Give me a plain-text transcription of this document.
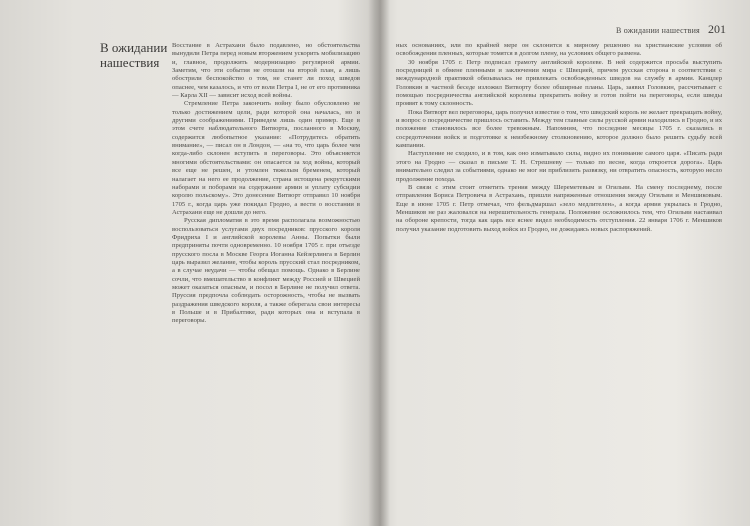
В ожидании нашествия

Восстание в Астрахани было подавлено, но обстоятельства вынудили Петра перед новым вторжением ускорить мобилизацию и, главное, продолжить модернизацию регулярной армии. Заметим, что эти события не отошли на второй план, а лишь обострили беспокойство о том, не станет ли поход шведов опаснее, чем казалось, и что от воли Петра I, не от его противника — Карла XII — зависит исход всей войны.

Стремление Петра закончить войну было обусловлено не только достижением цели, ради которой она началась, но и другими соображениями. Приведем лишь один пример. Еще в этом счете наблюдательного Витворта, посланного в Москву, содержится любопытное указание: «Потрудитесь обратить внимание», — писал он в Лондон, — «на то, что царь более чем когда-либо склонен вступить в переговоры. Это объясняется многими обстоятельствами: он опасается за ход войны, который все еще не решен, и утомлен тяжелым бременем, который налагает на него ее продолжение, страна истощена рекрутскими наборами и поборами на содержание армии и уплату субсидии королю польскому». Это донесение Витворт отправил 10 ноября 1705 г., когда царь уже покидал Гродно, а вести о восстании в Астрахани еще не дошли до него.

Русская дипломатия в это время располагала возможностью воспользоваться услугами двух посредников: прусского короля Фридриха I и английской королевы Анны. Попытки были предприняты почти одновременно. 10 ноября 1705 г. при отъезде прусского посла в Москве Георга Иоганна Кейзерлинга в Берлин царь выразил желание, чтобы король прусский стал посредником, а в случае неудачи — чтобы обещал помощь. Однако в Берлине сочли, что вмешательство в конфликт между Россией и Швецией может оказаться опасным, и посол в Берлине не получил ответа. Пруссия предпочла соблюдать осторожность, чтобы не вызвать раздражения шведского короля, а также оберегала свои интересы в Польше и в Прибалтике, ради которых она и вступала в переговоры.

В ожидании нашествия 201

ных основаниях, или по крайней мере он склонится к мирному решению на христианские условия об освобождении пленных, которые томятся в долгом плену, на условиях общего размена.

30 ноября 1705 г. Петр подписал грамоту английской королеве. В ней содержится просьба выступить посредницей в обмене пленными и заключении мира с Швецией, причем русская сторона в соответствии с международной практикой обязывалась не привлекать освобожденных шведов на службу в армии. Канцлер Головкин в частной беседе изложил Витворту более обширные планы. Царь, заявил Головкин, рассчитывает с помощью посредничества английской королевы прекратить войну и готов пойти на переговоры, если шведы проявят к тому склонность.

Пока Витворт вел переговоры, царь получил известие о том, что шведский король не желает прекращать войну, и вопрос о посредничестве пришлось оставить. Между тем главные силы русской армии находились в Гродно, и их положение становилось все более тревожным. Напомним, что последние месяцы 1705 г. сказались в сосредоточении войск и подготовке к неизбежному столкновению, которое должно было решить судьбу всей кампании.

Наступление не сходило, и в том, как оно изматывало силы, видно их понимание самого царя. «Писать ради этого на Гродно — сказал в письме Т. Н. Стрешневу — только по весне, когда откроется дорога». Царь внимательно следил за событиями, однако не мог ни приблизить развязку, ни отвратить опасность, которую несло продолжение похода.

В связи с этим стоит отметить трения между Шереметевым и Огильви. На смену последнему, после отправления Бориса Петровича в Астрахань, пришли напряженные отношения между Огильви и Меншиковым. Еще в июне 1705 г. Петр отмечал, что фельдмаршал «зело медлителен», а когда армия укрылась в Гродно, Меншиков не раз жаловался на нерешительность генерала. Положение осложнилось тем, что Огильви настаивал на обороне крепости, тогда как царь все яснее видел необходимость отступления. 22 января 1706 г. Меншиков получил указание подготовить выход войск из Гродно, не дожидаясь новых распоряжений.
